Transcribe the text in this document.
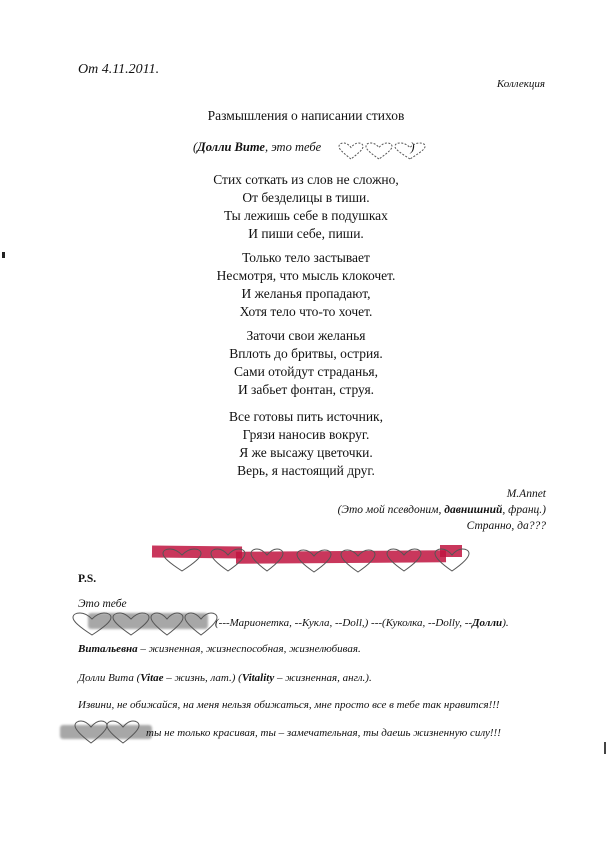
От 4.11.2011.
Коллекция
Размышления о написании стихов
(Долли Вите, это тебе	)
Стих соткать из слов не сложно,
От безделицы в тиши.
Ты лежишь себе в подушках
И пиши себе, пиши.
Только тело застывает
Несмотря, что мысль клокочет.
И желанья пропадают,
Хотя тело что-то хочет.
Заточи свои желанья
Вплоть до бритвы, острия.
Сами отойдут страданья,
И забьет фонтан, струя.
Все готовы пить источник,
Грязи наносив вокруг.
Я же высажу цветочки.
Верь, я настоящий друг.
M.Annet
(Это мой псевдоним, давнишний, франц.)
Странно, да???
P.S.
Это тебе
(---Марионетка, --Кукла, --Doll,) ---(Куколка, --Dolly, --Долли).
Витальевна – жизненная, жизнеспособная, жизнелюбивая.
Долли Вита (Vitae – жизнь, лат.) (Vitality – жизненная, англ.).
Извини, не обижайся, на меня нельзя обижаться, мне просто все в тебе так нравится!!!
ты не только красивая, ты – замечательная, ты даешь жизненную силу!!!
